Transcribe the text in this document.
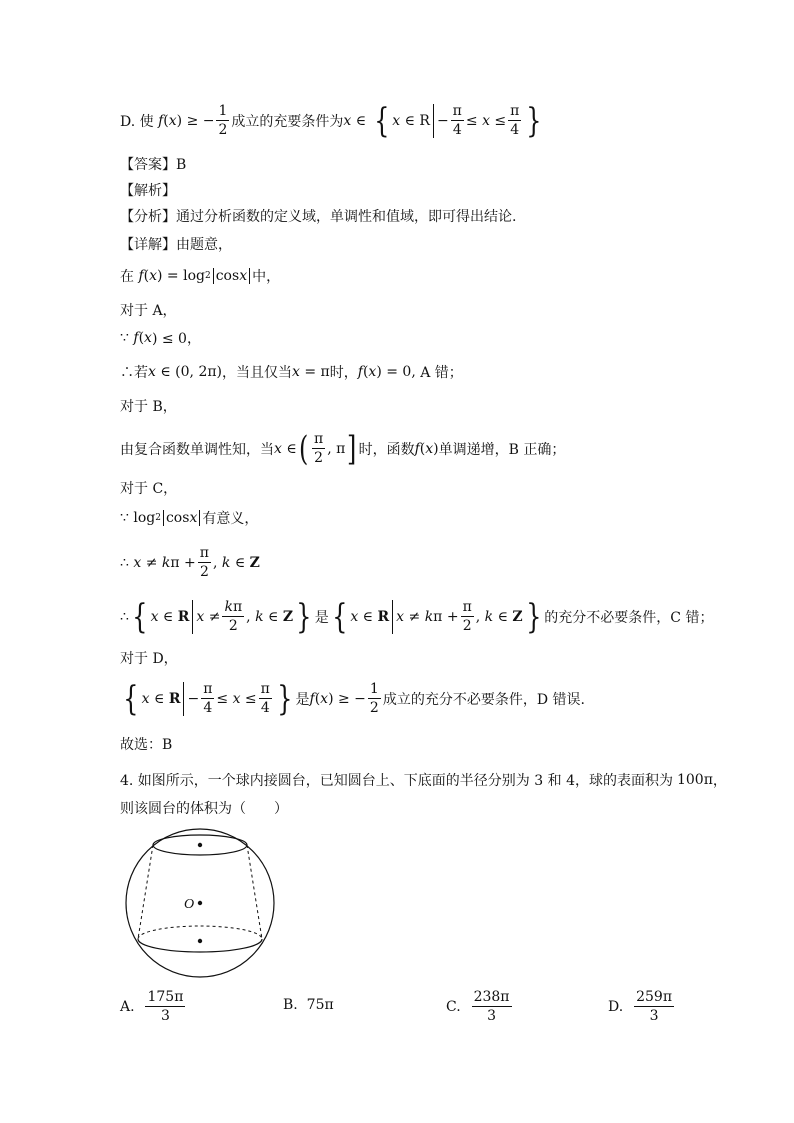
D. 使
f ( x ) ≥ − $\frac{1}{2}$ 成立的充要条件为 x ∈ { x ∈ $R - \frac{\pi}{4} \le x \le \frac{\pi}{4}$ }
【答案】B
【解析】
【分析】通过分析函数的定义域，单调性和值域，即可得出结论.
【详解】由题意，
在
f ( x ) = log 2 cos x 中，
对于 A，
∵
f ( x ) ≤ 0，
∴若 x ∈ (0, 2π) ，当且仅当 x = π 时， f ( x ) = 0, A 错；
对于 B，
由复合函数单调性知，当 x ∈ ( $\frac{\pi}{2}$ , π ] 时，函数 f ( x ) 单调递增，B 正确；
对于 C，
∵ log 2 cos x 有意义，
∴
x ≠ k $\pi + \frac{\pi}{2}$ , k ∈ Z
∴ { x ∈ R $x \ne \frac{k\pi}{2}$ , k ∈ Z } 是 { x ∈ R x ≠ k $\pi + \frac{\pi}{2}$ , k ∈ Z } 的充分不必要条件，C 错；
对于 D，
{ x ∈ $R - \frac{\pi}{4} \le x \le \frac{\pi}{4}$ } 是 f ( x ) ≥ − $\frac{1}{2}$ 成立的充分不必要条件，D 错误.
故选：B
4. 如图所示，一个球内接圆台，已知圆台上、下底面的半径分别为 3 和 4，球的表面积为 100π ，
则该圆台的体积为（　　）
O
A.
$\frac{175\pi}{3}$	B.
75π	C.
$\frac{238\pi}{3}$	D.
$\frac{259\pi}{3}$
